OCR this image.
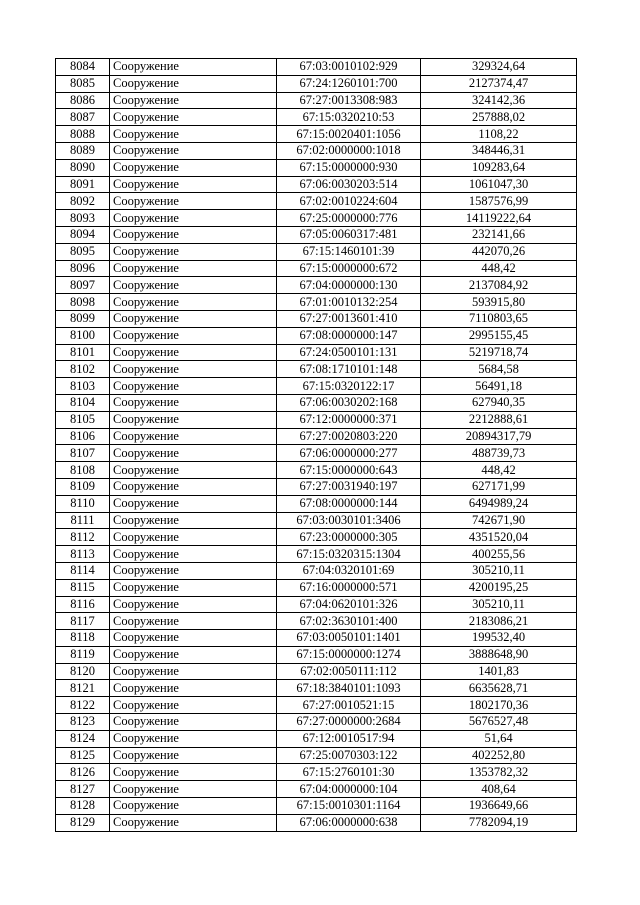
8084	Сооружение	67:03:0010102:929	329324,64
8085	Сооружение	67:24:1260101:700	2127374,47
8086	Сооружение	67:27:0013308:983	324142,36
8087	Сооружение	67:15:0320210:53	257888,02
8088	Сооружение	67:15:0020401:1056	1108,22
8089	Сооружение	67:02:0000000:1018	348446,31
8090	Сооружение	67:15:0000000:930	109283,64
8091	Сооружение	67:06:0030203:514	1061047,30
8092	Сооружение	67:02:0010224:604	1587576,99
8093	Сооружение	67:25:0000000:776	14119222,64
8094	Сооружение	67:05:0060317:481	232141,66
8095	Сооружение	67:15:1460101:39	442070,26
8096	Сооружение	67:15:0000000:672	448,42
8097	Сооружение	67:04:0000000:130	2137084,92
8098	Сооружение	67:01:0010132:254	593915,80
8099	Сооружение	67:27:0013601:410	7110803,65
8100	Сооружение	67:08:0000000:147	2995155,45
8101	Сооружение	67:24:0500101:131	5219718,74
8102	Сооружение	67:08:1710101:148	5684,58
8103	Сооружение	67:15:0320122:17	56491,18
8104	Сооружение	67:06:0030202:168	627940,35
8105	Сооружение	67:12:0000000:371	2212888,61
8106	Сооружение	67:27:0020803:220	20894317,79
8107	Сооружение	67:06:0000000:277	488739,73
8108	Сооружение	67:15:0000000:643	448,42
8109	Сооружение	67:27:0031940:197	627171,99
8110	Сооружение	67:08:0000000:144	6494989,24
8111	Сооружение	67:03:0030101:3406	742671,90
8112	Сооружение	67:23:0000000:305	4351520,04
8113	Сооружение	67:15:0320315:1304	400255,56
8114	Сооружение	67:04:0320101:69	305210,11
8115	Сооружение	67:16:0000000:571	4200195,25
8116	Сооружение	67:04:0620101:326	305210,11
8117	Сооружение	67:02:3630101:400	2183086,21
8118	Сооружение	67:03:0050101:1401	199532,40
8119	Сооружение	67:15:0000000:1274	3888648,90
8120	Сооружение	67:02:0050111:112	1401,83
8121	Сооружение	67:18:3840101:1093	6635628,71
8122	Сооружение	67:27:0010521:15	1802170,36
8123	Сооружение	67:27:0000000:2684	5676527,48
8124	Сооружение	67:12:0010517:94	51,64
8125	Сооружение	67:25:0070303:122	402252,80
8126	Сооружение	67:15:2760101:30	1353782,32
8127	Сооружение	67:04:0000000:104	408,64
8128	Сооружение	67:15:0010301:1164	1936649,66
8129	Сооружение	67:06:0000000:638	7782094,19
